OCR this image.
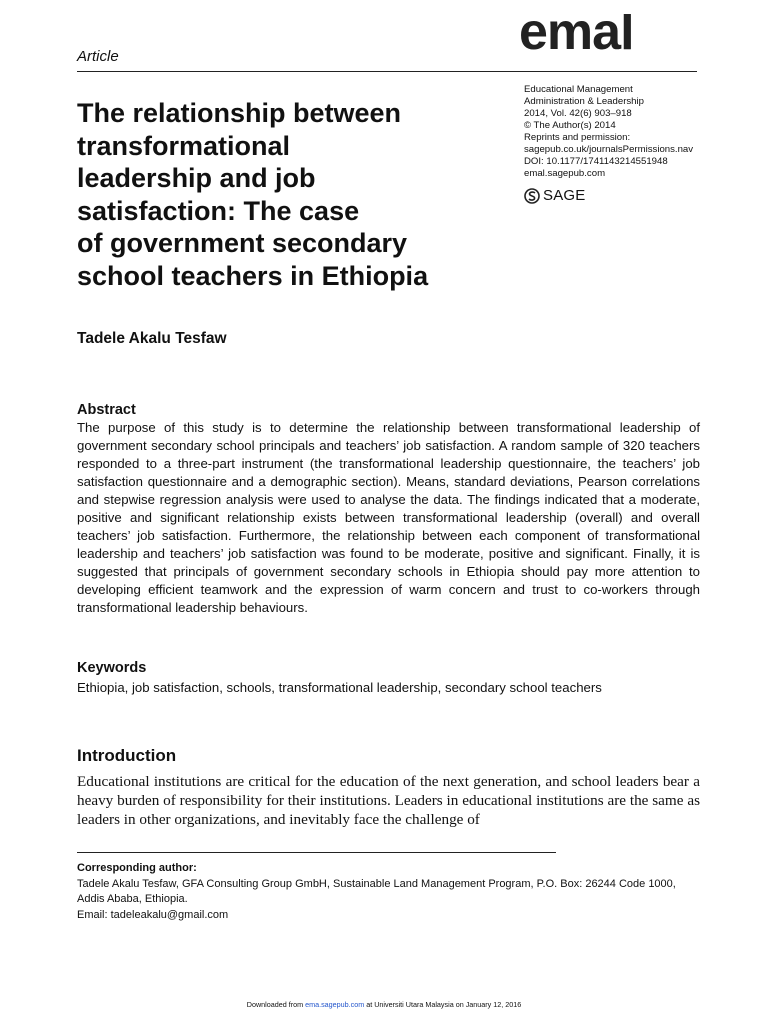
Article	emal
Educational Management
Administration & Leadership
2014, Vol. 42(6) 903–918
© The Author(s) 2014
Reprints and permission:
sagepub.co.uk/journalsPermissions.nav
DOI: 10.1177/1741143214551948
emal.sagepub.com
SAGE
The relationship between
transformational
leadership and job
satisfaction: The case
of government secondary
school teachers in Ethiopia
Tadele Akalu Tesfaw
Abstract

The purpose of this study is to determine the relationship between transformational leadership of government secondary school principals and teachers’ job satisfaction. A random sample of 320 teachers responded to a three-part instrument (the transformational leadership questionnaire, the teachers’ job satisfaction questionnaire and a demographic section). Means, standard deviations, Pearson correlations and stepwise regression analysis were used to analyse the data. The findings indicated that a moderate, positive and significant relationship exists between transformational leadership (overall) and overall teachers’ job satisfaction. Furthermore, the relationship between each component of transformational leadership and teachers’ job satisfaction was found to be moderate, positive and significant. Finally, it is suggested that principals of government secondary schools in Ethiopia should pay more attention to developing efficient teamwork and the expression of warm concern and trust to co-workers through transformational leadership behaviours.

Keywords
Ethiopia, job satisfaction, schools, transformational leadership, secondary school teachers
Introduction

Educational institutions are critical for the education of the next generation, and school leaders bear a heavy burden of responsibility for their institutions. Leaders in educational institutions are the same as leaders in other organizations, and inevitably face the challenge of

Corresponding author:
Tadele Akalu Tesfaw, GFA Consulting Group GmbH, Sustainable Land Management Program, P.O. Box: 26244 Code 1000,
Addis Ababa, Ethiopia.
Email: tadeleakalu@gmail.com
Downloaded from ema.sagepub.com at Universiti Utara Malaysia on January 12, 2016
